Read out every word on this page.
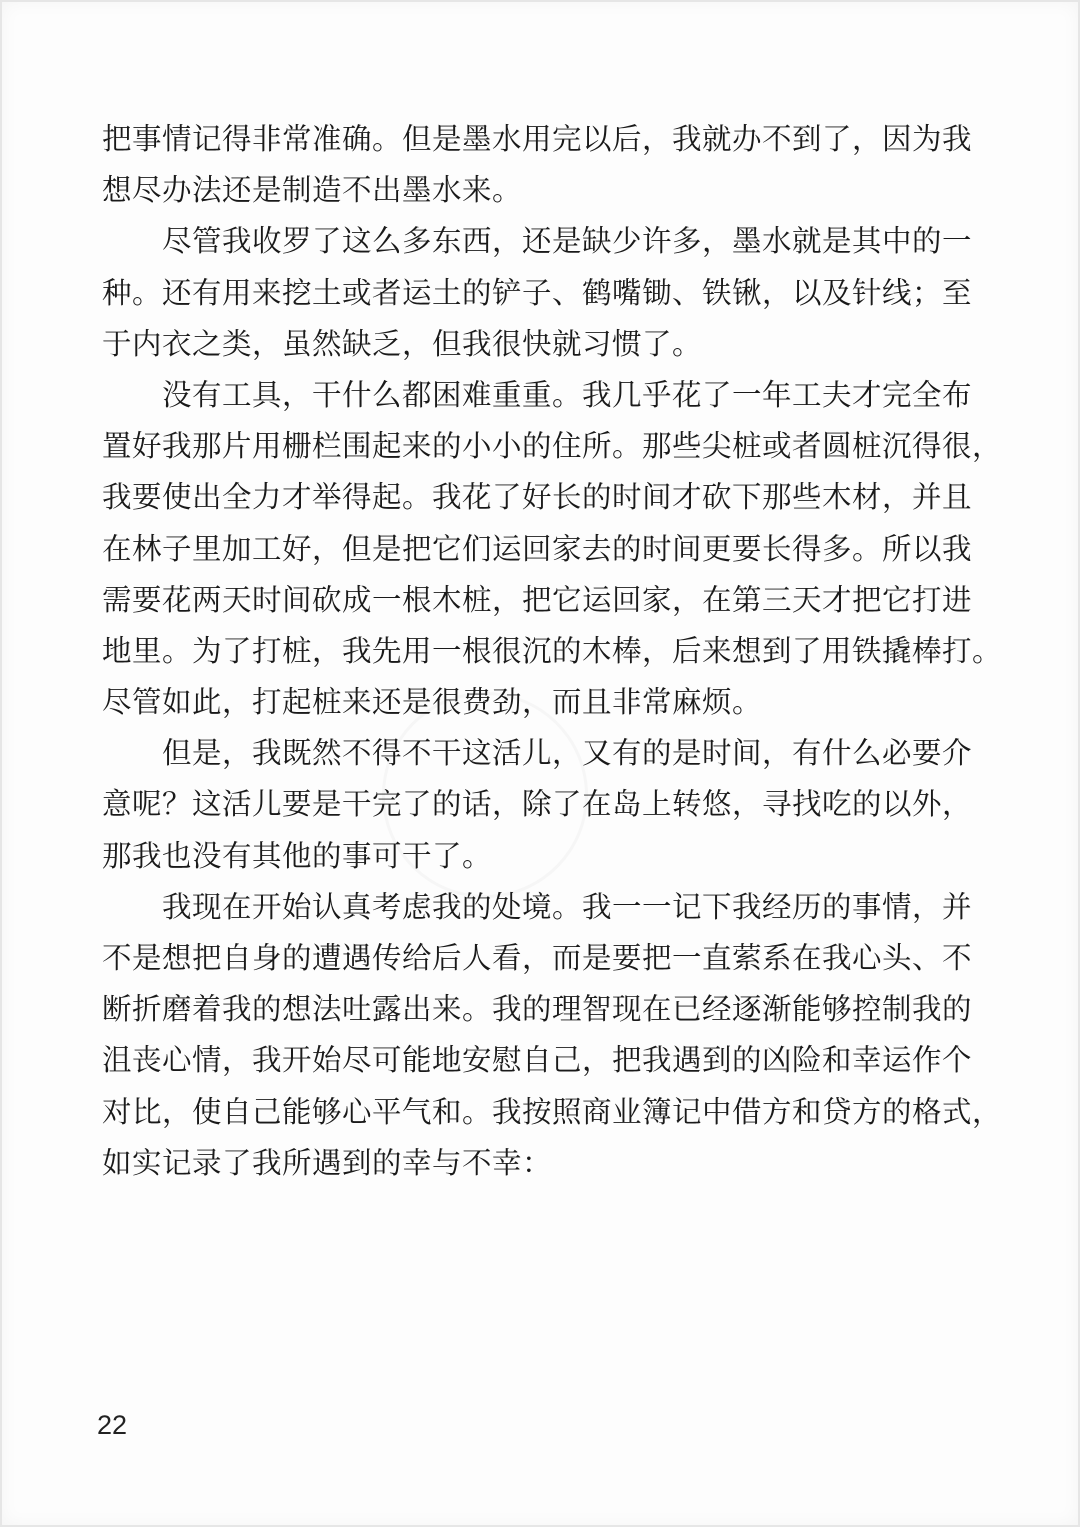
把事情记得非常准确。但是墨水用完以后，我就办不到了，因为我
想尽办法还是制造不出墨水来。
　　尽管我收罗了这么多东西，还是缺少许多，墨水就是其中的一
种。还有用来挖土或者运土的铲子、鹤嘴锄、铁锹，以及针线；至
于内衣之类，虽然缺乏，但我很快就习惯了。
　　没有工具，干什么都困难重重。我几乎花了一年工夫才完全布
置好我那片用栅栏围起来的小小的住所。那些尖桩或者圆桩沉得很，
我要使出全力才举得起。我花了好长的时间才砍下那些木材，并且
在林子里加工好，但是把它们运回家去的时间更要长得多。所以我
需要花两天时间砍成一根木桩，把它运回家，在第三天才把它打进
地里。为了打桩，我先用一根很沉的木棒，后来想到了用铁撬棒打。
尽管如此，打起桩来还是很费劲，而且非常麻烦。
　　但是，我既然不得不干这活儿，又有的是时间，有什么必要介
意呢？这活儿要是干完了的话，除了在岛上转悠，寻找吃的以外，
那我也没有其他的事可干了。
　　我现在开始认真考虑我的处境。我一一记下我经历的事情，并
不是想把自身的遭遇传给后人看，而是要把一直萦系在我心头、不
断折磨着我的想法吐露出来。我的理智现在已经逐渐能够控制我的
沮丧心情，我开始尽可能地安慰自己，把我遇到的凶险和幸运作个
对比，使自己能够心平气和。我按照商业簿记中借方和贷方的格式，
如实记录了我所遇到的幸与不幸：
22
